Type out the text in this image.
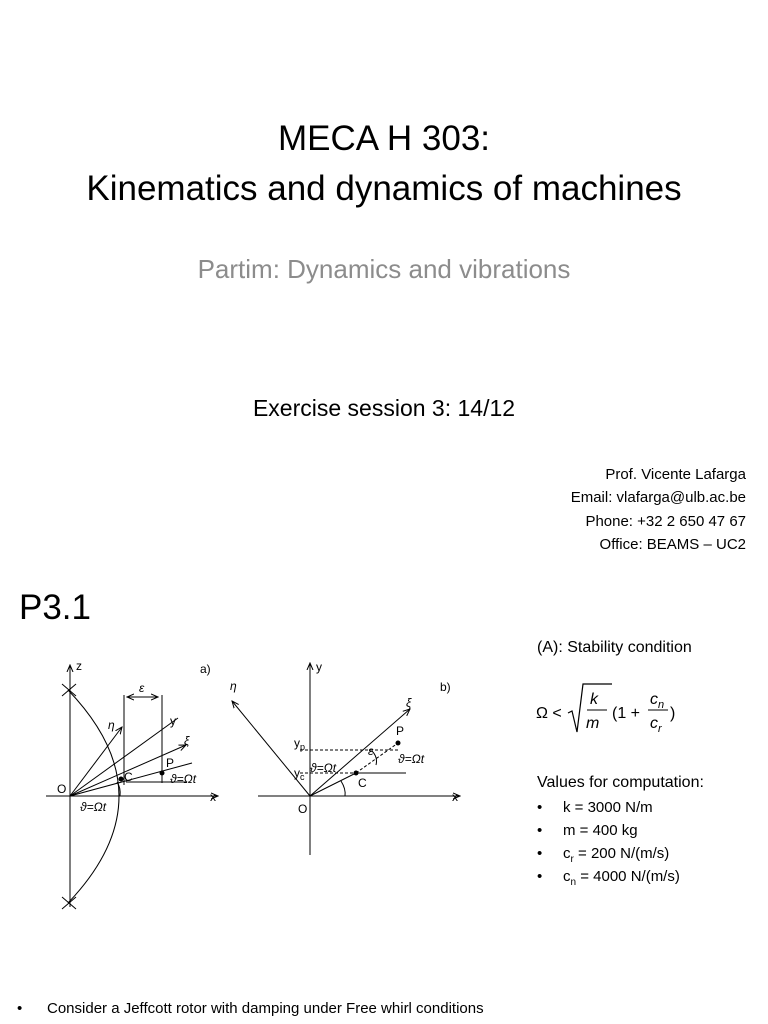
MECA H 303:
Kinematics and dynamics of machines
Partim: Dynamics and vibrations
Exercise session 3: 14/12
Prof. Vicente Lafarga
Email: vlafarga@ulb.ac.be
Phone: +32 2 650 47 67
Office: BEAMS – UC2
P3.1
(A): Stability condition
Ω <
k
m
(1 +
c n
c r
)
Values for computation:
• k = 3000 N/m
• m = 400 kg
• $c_r = 200$ N/(m/s)
• $c_n = 4000$ N/(m/s)
a)
b)
z	y
x	x
y
η
η
ξ
ξ
ε
ε
O
O
C	C
P
P
ϑ=Ωt
ϑ=Ωt
ϑ=Ωt
ϑ=Ωt
$y_p$
$y_c$
• Consider a Jeffcott rotor with damping under Free whirl conditions
